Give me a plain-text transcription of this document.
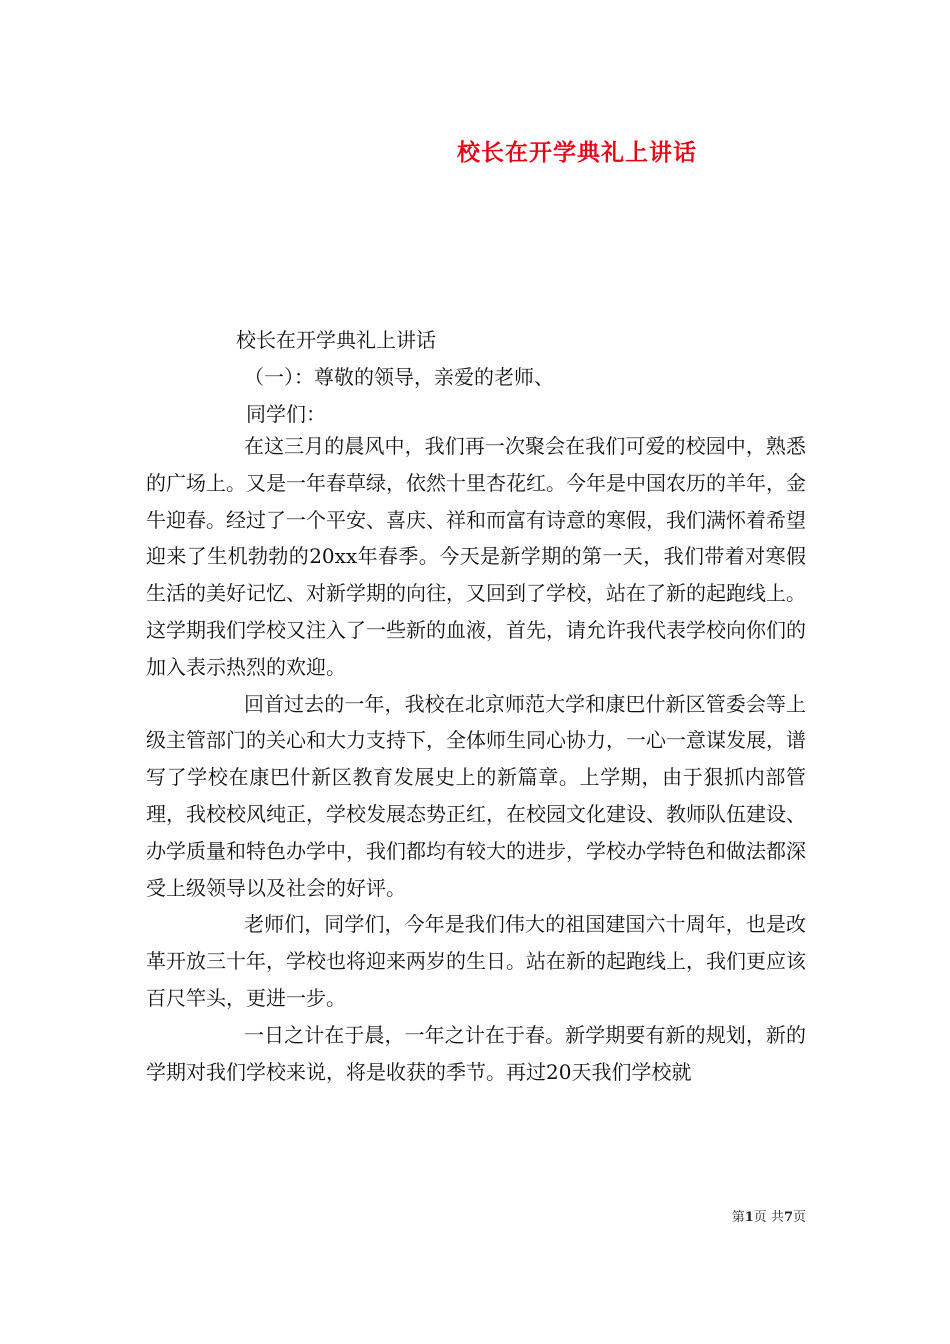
校长在开学典礼上讲话
校长在开学典礼上讲话
（一）：尊敬的领导，亲爱的老师、
同学们：

在这三月的晨风中，我们再一次聚会在我们可爱的校园中，熟悉的广场上。又是一年春草绿，依然十里杏花红。今年是中国农历的羊年，金牛迎春。经过了一个平安、喜庆、祥和而富有诗意的寒假，我们满怀着希望迎来了生机勃勃的20xx年春季。今天是新学期的第一天，我们带着对寒假生活的美好记忆、对新学期的向往，又回到了学校，站在了新的起跑线上。这学期我们学校又注入了一些新的血液，首先，请允许我代表学校向你们的加入表示热烈的欢迎。

回首过去的一年，我校在北京师范大学和康巴什新区管委会等上级主管部门的关心和大力支持下，全体师生同心协力，一心一意谋发展，谱写了学校在康巴什新区教育发展史上的新篇章。上学期，由于狠抓内部管理，我校校风纯正，学校发展态势正红，在校园文化建设、教师队伍建设、办学质量和特色办学中，我们都均有较大的进步，学校办学特色和做法都深受上级领导以及社会的好评。

老师们，同学们，今年是我们伟大的祖国建国六十周年，也是改革开放三十年，学校也将迎来两岁的生日。站在新的起跑线上，我们更应该百尺竿头，更进一步。

一日之计在于晨，一年之计在于春。新学期要有新的规划，新的学期对我们学校来说，将是收获的季节。再过20天我们学校就

第1页 共7页
